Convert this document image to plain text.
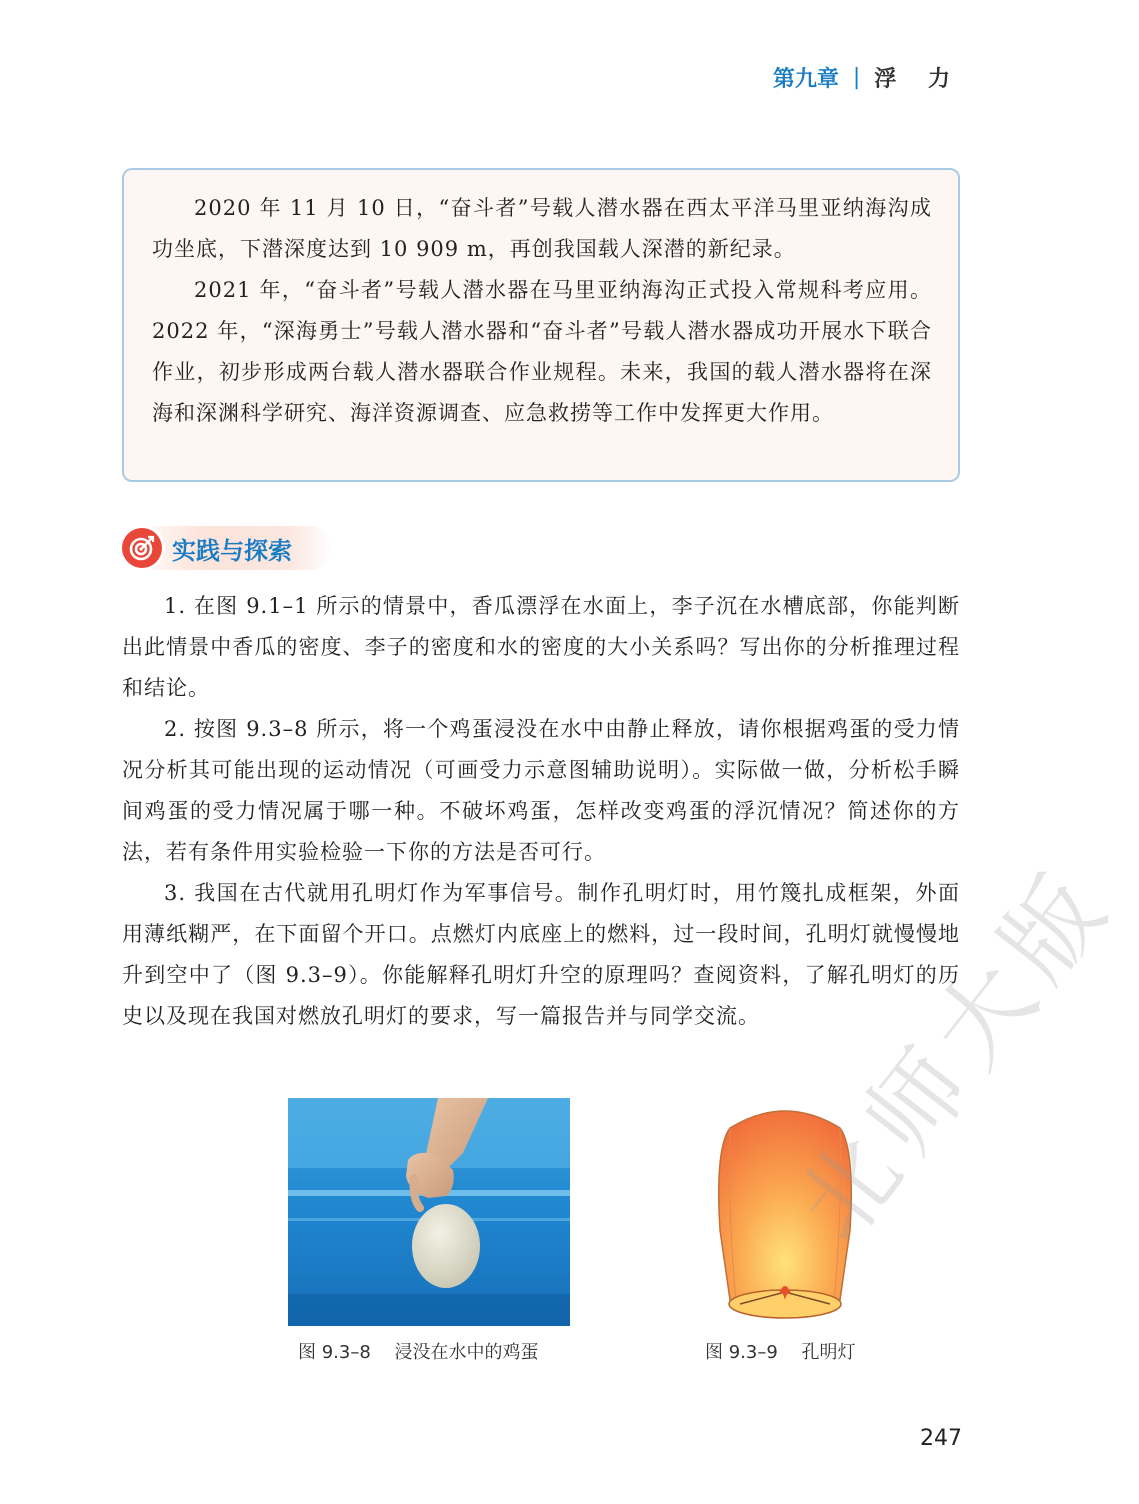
第九章 | 浮 力

2020 年 11 月 10 日，“奋斗者”号载人潜水器在西太平洋马里亚纳海沟成功坐底，下潜深度达到 10 909 m，再创我国载人深潜的新纪录。

2021 年，“奋斗者”号载人潜水器在马里亚纳海沟正式投入常规科考应用。2022 年，“深海勇士”号载人潜水器和“奋斗者”号载人潜水器成功开展水下联合作业，初步形成两台载人潜水器联合作业规程。未来，我国的载人潜水器将在深海和深渊科学研究、海洋资源调查、应急救捞等工作中发挥更大作用。

实践与探索

1. 在图 9.1–1 所示的情景中，香瓜漂浮在水面上，李子沉在水槽底部，你能判断出此情景中香瓜的密度、李子的密度和水的密度的大小关系吗？写出你的分析推理过程和结论。

2. 按图 9.3–8 所示，将一个鸡蛋浸没在水中由静止释放，请你根据鸡蛋的受力情况分析其可能出现的运动情况（可画受力示意图辅助说明）。实际做一做，分析松手瞬间鸡蛋的受力情况属于哪一种。不破坏鸡蛋，怎样改变鸡蛋的浮沉情况？简述你的方法，若有条件用实验检验一下你的方法是否可行。

3. 我国在古代就用孔明灯作为军事信号。制作孔明灯时，用竹篾扎成框架，外面用薄纸糊严，在下面留个开口。点燃灯内底座上的燃料，过一段时间，孔明灯就慢慢地升到空中了（图 9.3–9）。你能解释孔明灯升空的原理吗？查阅资料，了解孔明灯的历史以及现在我国对燃放孔明灯的要求，写一篇报告并与同学交流。

图 9.3–8 浸没在水中的鸡蛋	图 9.3–9 孔明灯
北师大版
247
